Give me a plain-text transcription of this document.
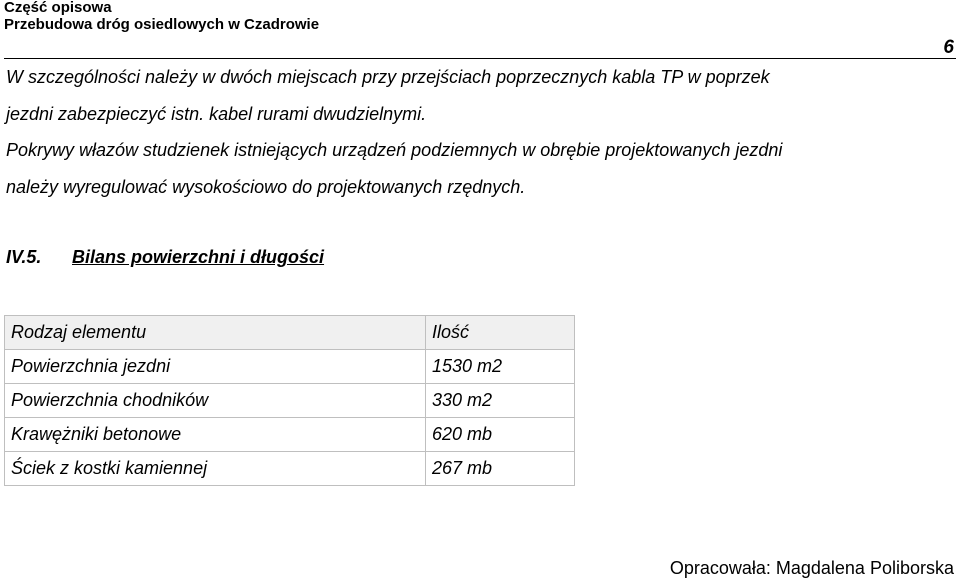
Część opisowa
Przebudowa dróg osiedlowych w Czadrowie
6
W szczególności należy w dwóch miejscach przy przejściach poprzecznych kabla TP w poprzek
jezdni zabezpieczyć istn. kabel rurami dwudzielnymi.
Pokrywy włazów studzienek istniejących urządzeń podziemnych w obrębie projektowanych jezdni
należy wyregulować wysokościowo do projektowanych rzędnych.
IV.5. Bilans powierzchni i długości
Rodzaj elementu	Ilość
Powierzchnia jezdni	1530 m2
Powierzchnia chodników	330 m2
Krawężniki betonowe	620 mb
Ściek z kostki kamiennej	267 mb
Opracowała: Magdalena Poliborska
